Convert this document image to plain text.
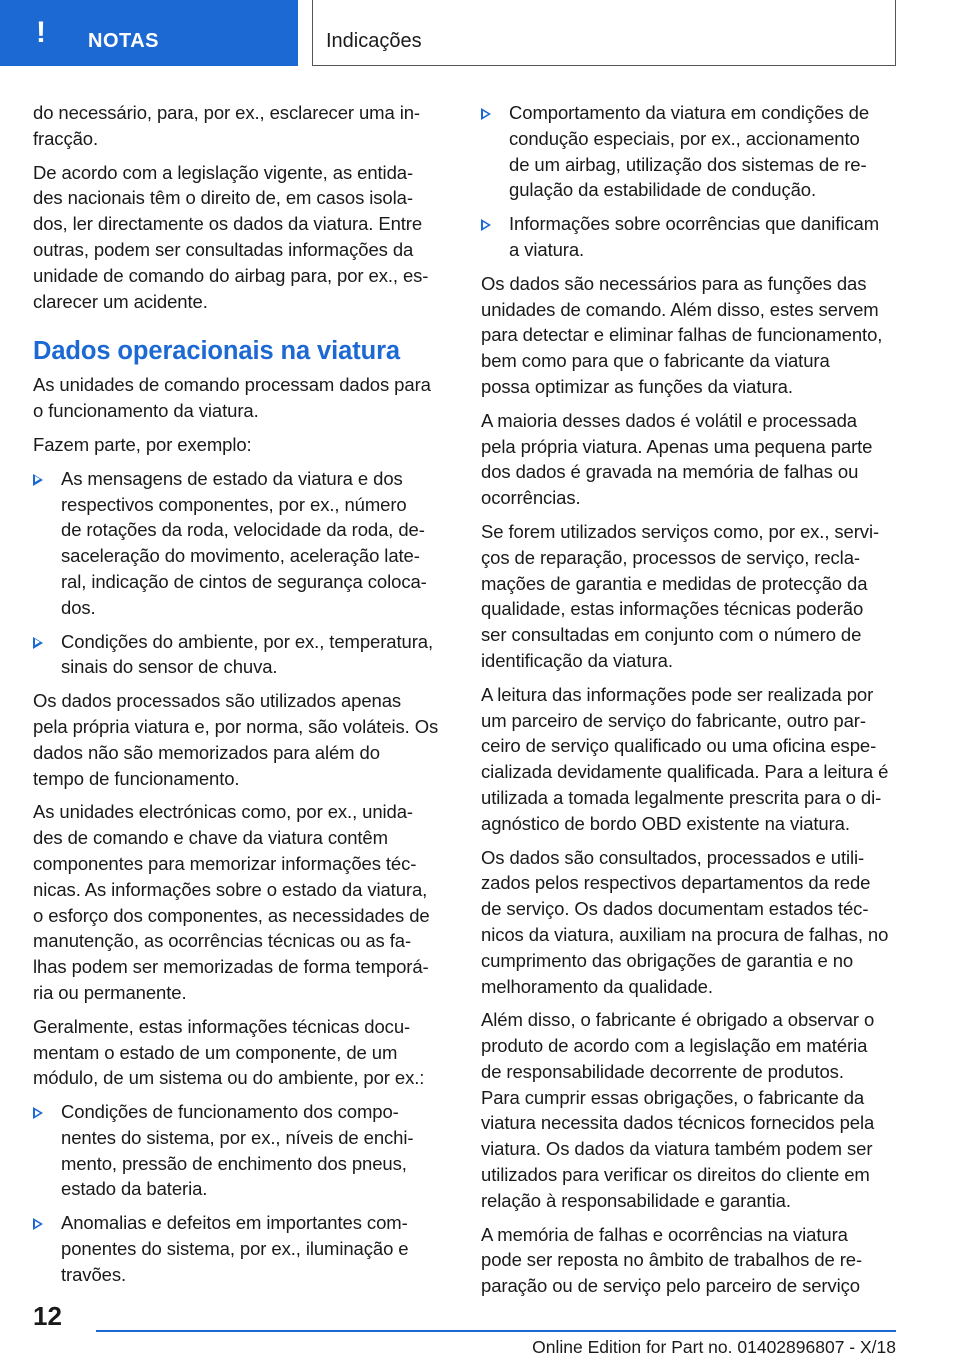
! NOTAS	Indicações

do necessário, para, por ex., esclarecer uma in-
fracção.

De acordo com a legislação vigente, as entida-
des nacionais têm o direito de, em casos isola-
dos, ler directamente os dados da viatura. Entre
outras, podem ser consultadas informações da
unidade de comando do airbag para, por ex., es-
clarecer um acidente.

Dados operacionais na viatura

As unidades de comando processam dados para
o funcionamento da viatura.

Fazem parte, por exemplo:

As mensagens de estado da viatura e dos
respectivos componentes, por ex., número
de rotações da roda, velocidade da roda, de-
saceleração do movimento, aceleração late-
ral, indicação de cintos de segurança coloca-
dos.
Condições do ambiente, por ex., temperatura,
sinais do sensor de chuva.

Os dados processados são utilizados apenas
pela própria viatura e, por norma, são voláteis. Os
dados não são memorizados para além do
tempo de funcionamento.

As unidades electrónicas como, por ex., unida-
des de comando e chave da viatura contêm
componentes para memorizar informações téc-
nicas. As informações sobre o estado da viatura,
o esforço dos componentes, as necessidades de
manutenção, as ocorrências técnicas ou as fa-
lhas podem ser memorizadas de forma temporá-
ria ou permanente.

Geralmente, estas informações técnicas docu-
mentam o estado de um componente, de um
módulo, de um sistema ou do ambiente, por ex.:

Condições de funcionamento dos compo-
nentes do sistema, por ex., níveis de enchi-
mento, pressão de enchimento dos pneus,
estado da bateria.
Anomalias e defeitos em importantes com-
ponentes do sistema, por ex., iluminação e
travões.
Comportamento da viatura em condições de
condução especiais, por ex., accionamento
de um airbag, utilização dos sistemas de re-
gulação da estabilidade de condução.
Informações sobre ocorrências que danificam
a viatura.

Os dados são necessários para as funções das
unidades de comando. Além disso, estes servem
para detectar e eliminar falhas de funcionamento,
bem como para que o fabricante da viatura
possa optimizar as funções da viatura.

A maioria desses dados é volátil e processada
pela própria viatura. Apenas uma pequena parte
dos dados é gravada na memória de falhas ou
ocorrências.

Se forem utilizados serviços como, por ex., servi-
ços de reparação, processos de serviço, recla-
mações de garantia e medidas de protecção da
qualidade, estas informações técnicas poderão
ser consultadas em conjunto com o número de
identificação da viatura.

A leitura das informações pode ser realizada por
um parceiro de serviço do fabricante, outro par-
ceiro de serviço qualificado ou uma oficina espe-
cializada devidamente qualificada. Para a leitura é
utilizada a tomada legalmente prescrita para o di-
agnóstico de bordo OBD existente na viatura.

Os dados são consultados, processados e utili-
zados pelos respectivos departamentos da rede
de serviço. Os dados documentam estados téc-
nicos da viatura, auxiliam na procura de falhas, no
cumprimento das obrigações de garantia e no
melhoramento da qualidade.

Além disso, o fabricante é obrigado a observar o
produto de acordo com a legislação em matéria
de responsabilidade decorrente de produtos.
Para cumprir essas obrigações, o fabricante da
viatura necessita dados técnicos fornecidos pela
viatura. Os dados da viatura também podem ser
utilizados para verificar os direitos do cliente em
relação à responsabilidade e garantia.

A memória de falhas e ocorrências na viatura
pode ser reposta no âmbito de trabalhos de re-
paração ou de serviço pelo parceiro de serviço

12
Online Edition for Part no. 01402896807 - X/18
